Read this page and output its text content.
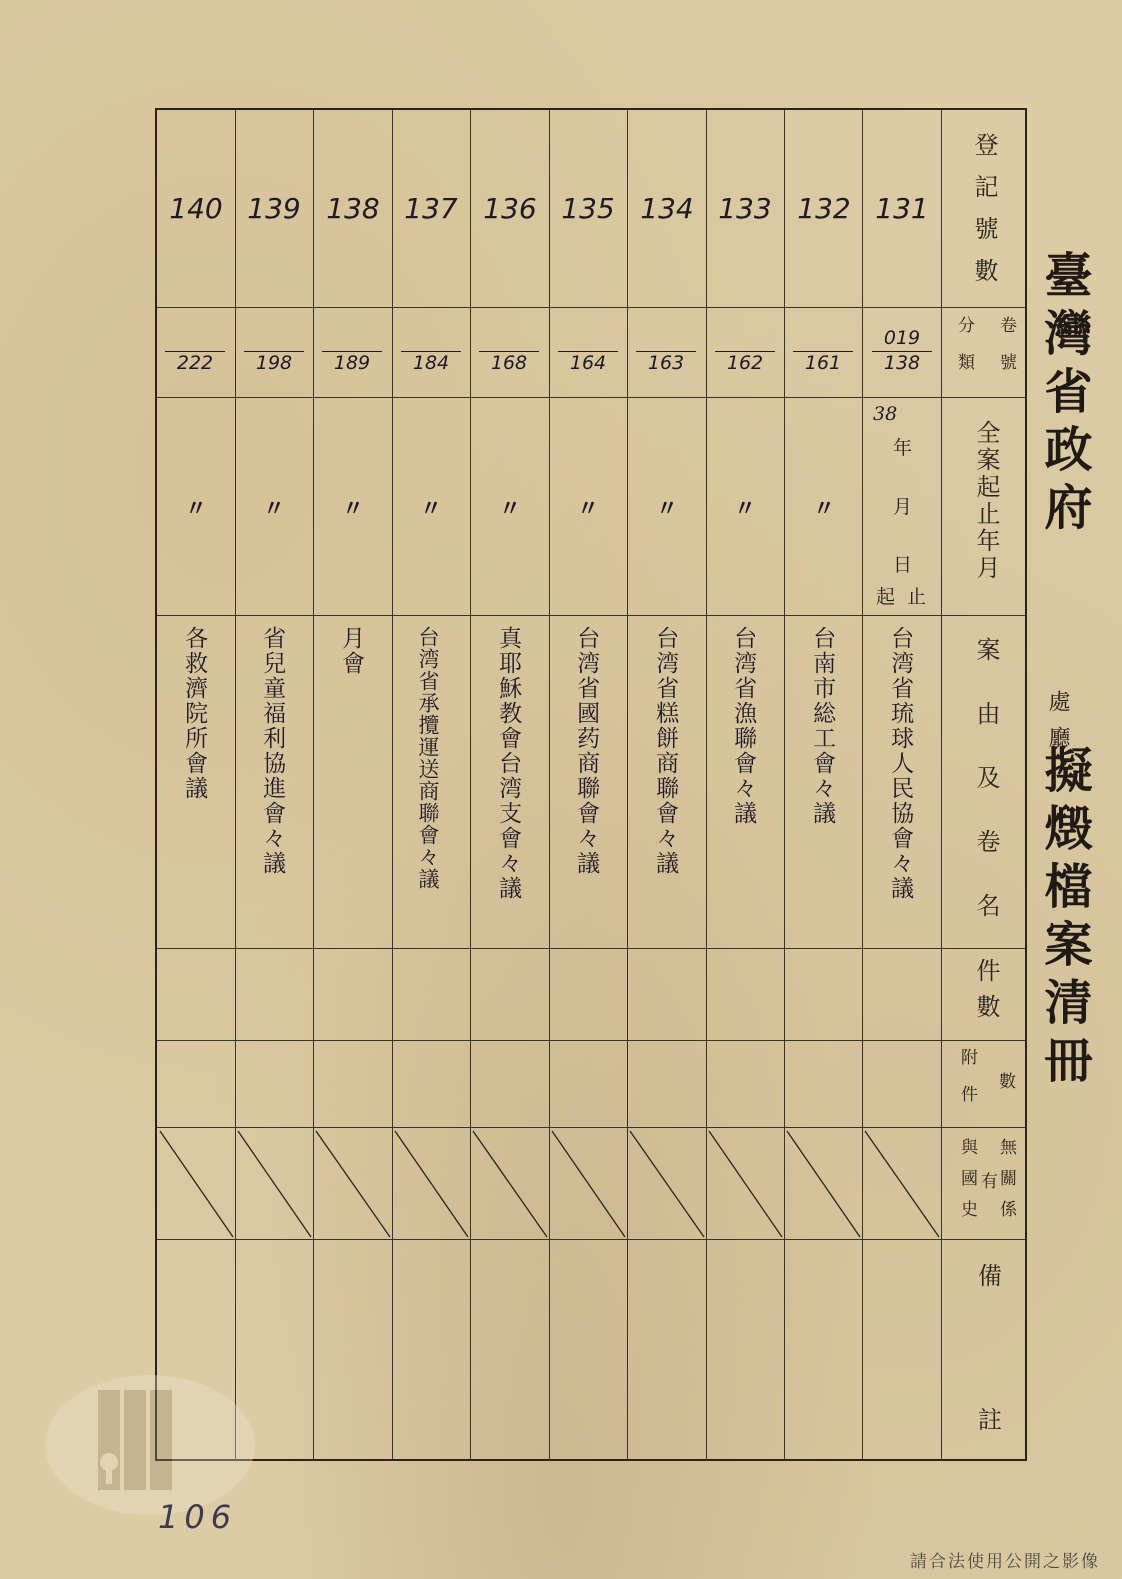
臺灣省政府
處廳
擬燬檔案清冊
登記號數
卷號
分類
全案起止年月
案由及卷名
件數
數
附件
無關係
有
與國史
備
註
131
132
133
134
135
136
137
138
139
140
019
138
161
162
163
164
168
184
189
198
222
38
年
月
日
起 止
〃
〃
〃
〃
〃
〃
〃
〃
〃
台湾省琉球人民協會々議
台南市総工會々議
台湾省漁聯會々議
台湾省糕餅商聯會々議
台湾省國药商聯會々議
真耶穌教會台湾支會々議
台湾省承攬運送商聯會々議
月會
省兒童福利協進會々議
各救濟院所會議
106
請合法使用公開之影像
